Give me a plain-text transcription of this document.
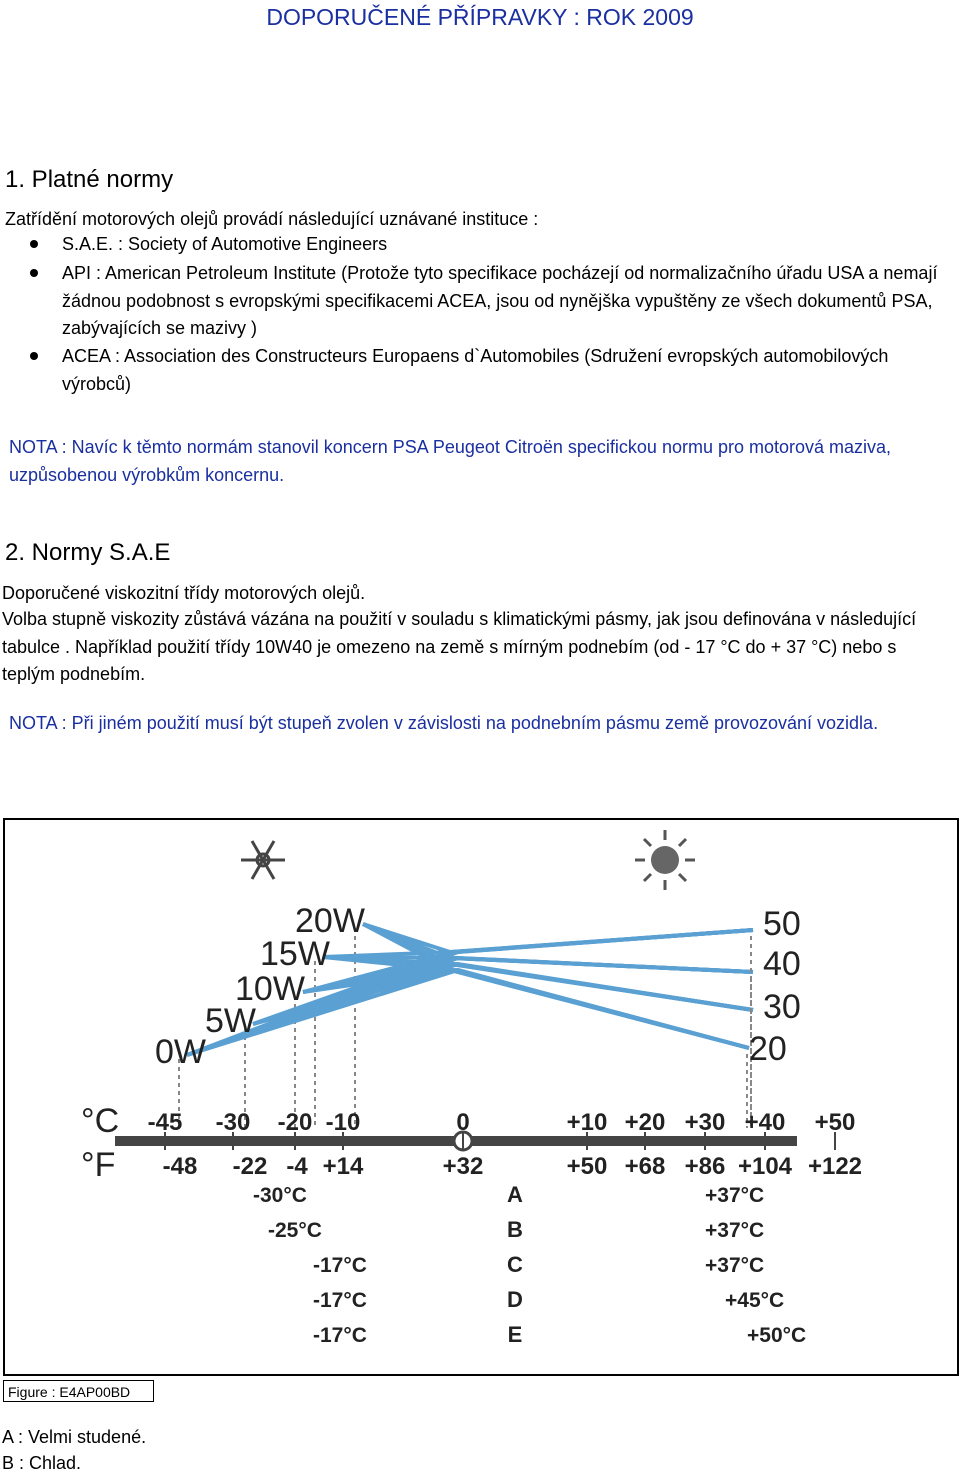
DOPORUČENÉ PŘÍPRAVKY : ROK 2009
1. Platné normy
Zatřídění motorových olejů provádí následující uznávané instituce :
S.A.E. : Society of Automotive Engineers
API : American Petroleum Institute (Protože tyto specifikace pocházejí od normalizačního úřadu USA a nemají žádnou podobnost s evropskými specifikacemi ACEA, jsou od nynějška vypuštěny ze všech dokumentů PSA, zabývajících se mazivy )
ACEA : Association des Constructeurs Europaens d`Automobiles (Sdružení evropských automobilových výrobců)
NOTA : Navíc k těmto normám stanovil koncern PSA Peugeot Citroën specifickou normu pro motorová maziva, uzpůsobenou výrobkům koncernu.
2. Normy S.A.E
Doporučené viskozitní třídy motorových olejů.
Volba stupně viskozity zůstává vázána na použití v souladu s klimatickými pásmy, jak jsou definována v následující tabulce . Například použití třídy 10W40 je omezeno na země s mírným podnebím (od - 17 °C do + 37 °C) nebo s teplým podnebím.
NOTA : Při jiném použití musí být stupeň zvolen v závislosti na podnebním pásmu země provozování vozidla.
20W
15W
10W
5W
0W
50
40
30
20
°C
°F
-45 -30 -20 -10	0	+10 +20 +30 +40 +50
-48 -22 -4 +14	+32	+50 +68 +86 +104 +122
-30°C	A	+37°C
-25°C	B	+37°C
-17°C	C	+37°C
-17°C	D	+45°C
-17°C	E	+50°C
Figure : E4AP00BD
A : Velmi studené.
B : Chlad.
